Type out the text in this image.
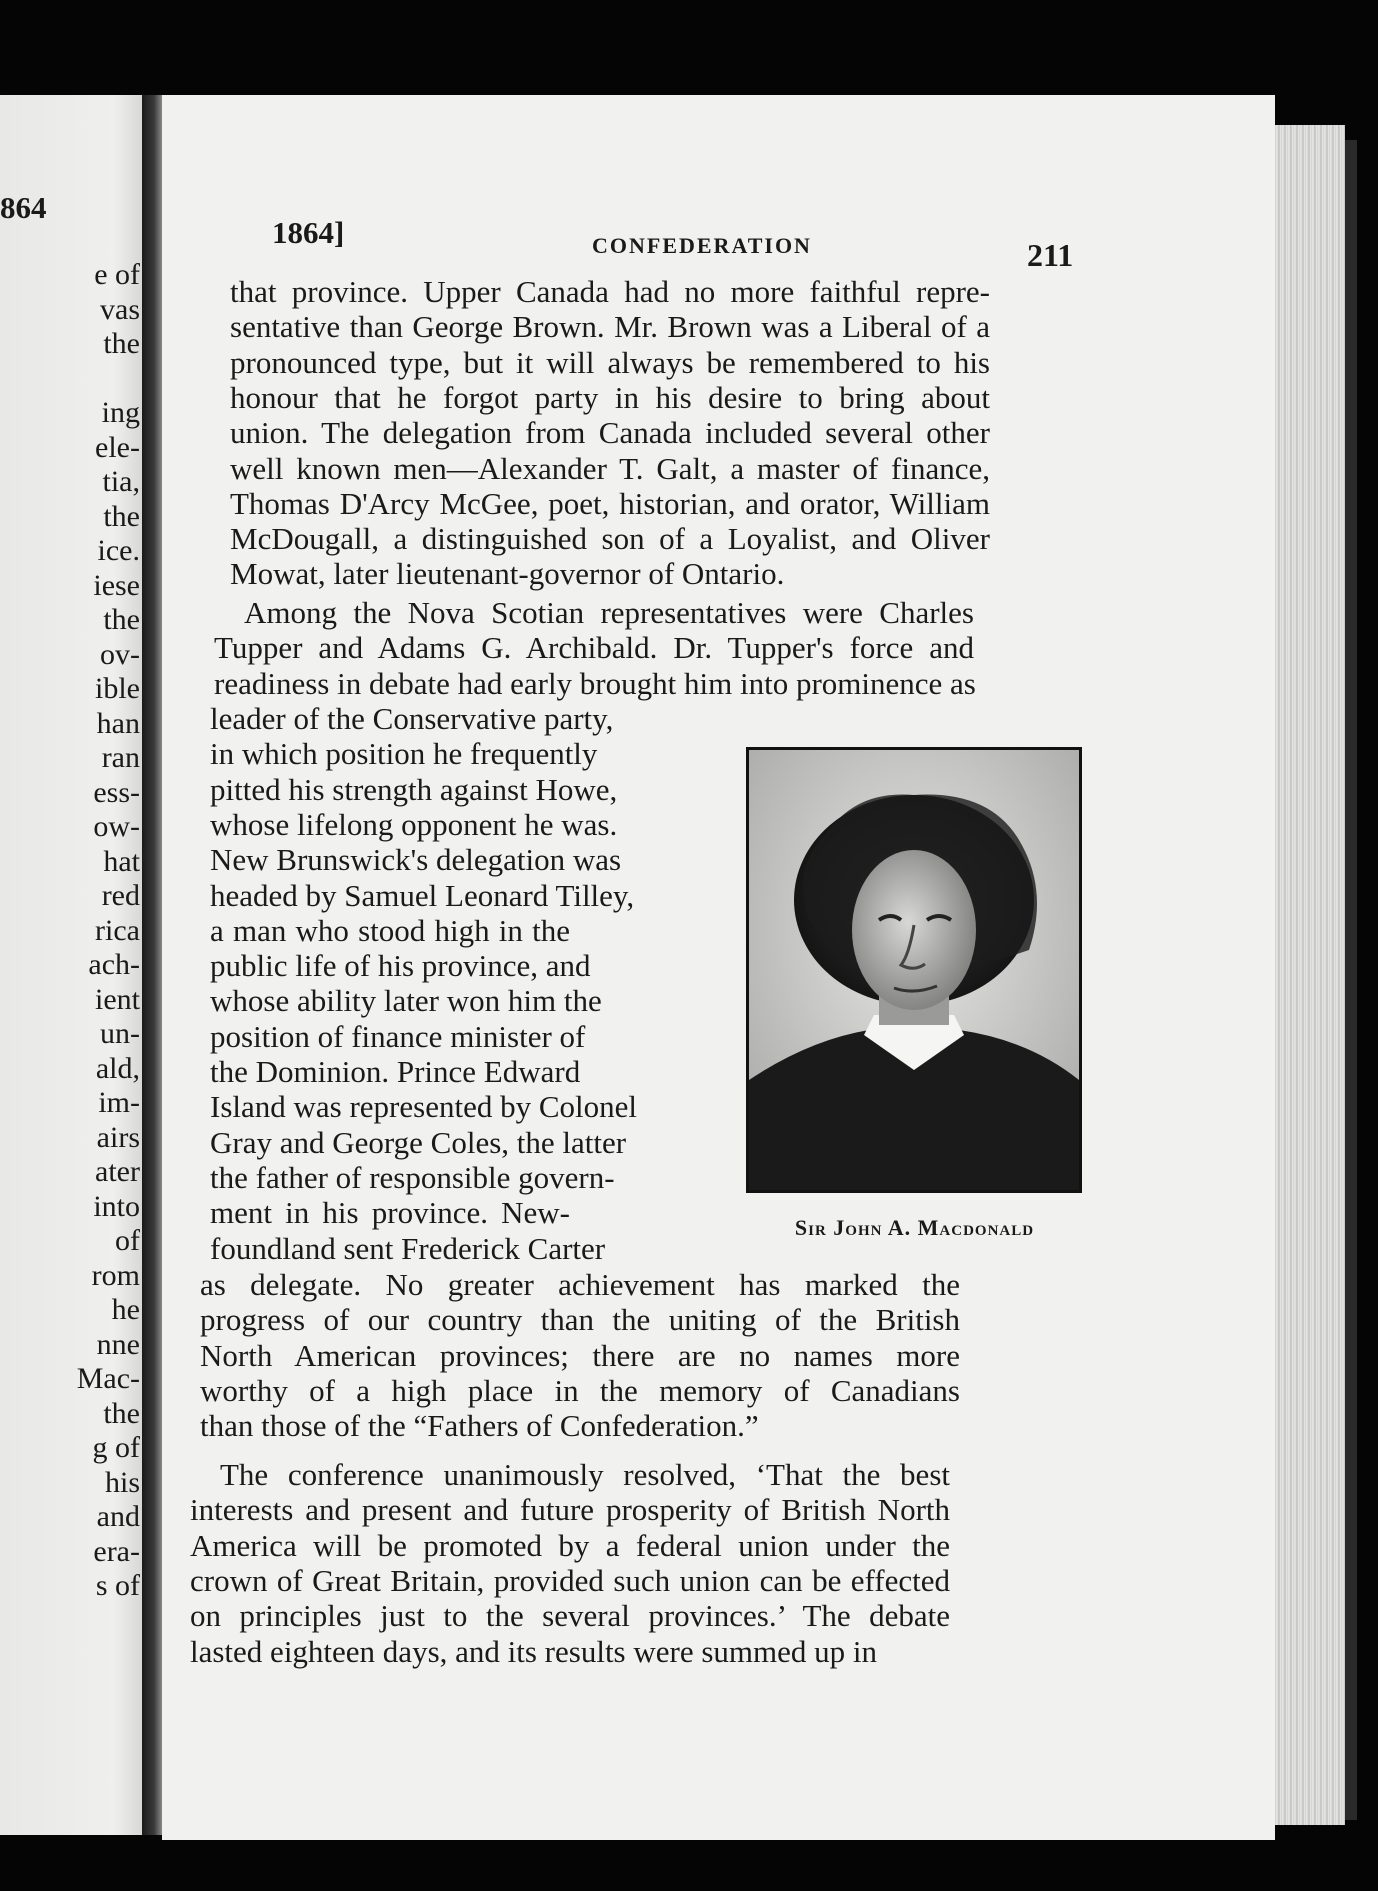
864
e of
vas
the
ing
ele-
tia,
the
ice.
iese
the
ov-
ible
han
ran
ess-
ow-
hat
red
rica
ach-
ient
un-
ald,
im-
airs
ater
into
of
rom
he
nne
Mac-
the
g of
his
and
era-
s of
1864]	CONFEDERATION	211
that province. Upper Canada had no more faithful repre-
sentative than George Brown. Mr. Brown was a Liberal of a
pronounced type, but it will always be remembered to his
honour that he forgot party in his desire to bring about
union. The delegation from Canada included several other
well known men—Alexander T. Galt, a master of finance,
Thomas D'Arcy McGee, poet, historian, and orator, William
McDougall, a distinguished son of a Loyalist, and Oliver
Mowat, later lieutenant-governor of Ontario.
Among the Nova Scotian representatives were Charles
Tupper and Adams G. Archibald. Dr. Tupper's force and
readiness in debate had early brought him into prominence as
leader of the Conservative party,
in which position he frequently
pitted his strength against Howe,
whose lifelong opponent he was.
New Brunswick's delegation was
headed by Samuel Leonard Tilley,
a man who stood high in the
public life of his province, and
whose ability later won him the
position of finance minister of
the Dominion. Prince Edward
Island was represented by Colonel
Gray and George Coles, the latter
the father of responsible govern-
ment in his province. New-
foundland sent Frederick Carter
as delegate. No greater achievement has marked the
progress of our country than the uniting of the British
North American provinces; there are no names more
worthy of a high place in the memory of Canadians
than those of the “Fathers of Confederation.”
The conference unanimously resolved, ‘That the best
interests and present and future prosperity of British North
America will be promoted by a federal union under the
crown of Great Britain, provided such union can be effected
on principles just to the several provinces.’ The debate
lasted eighteen days, and its results were summed up in
Sir John A. Macdonald
